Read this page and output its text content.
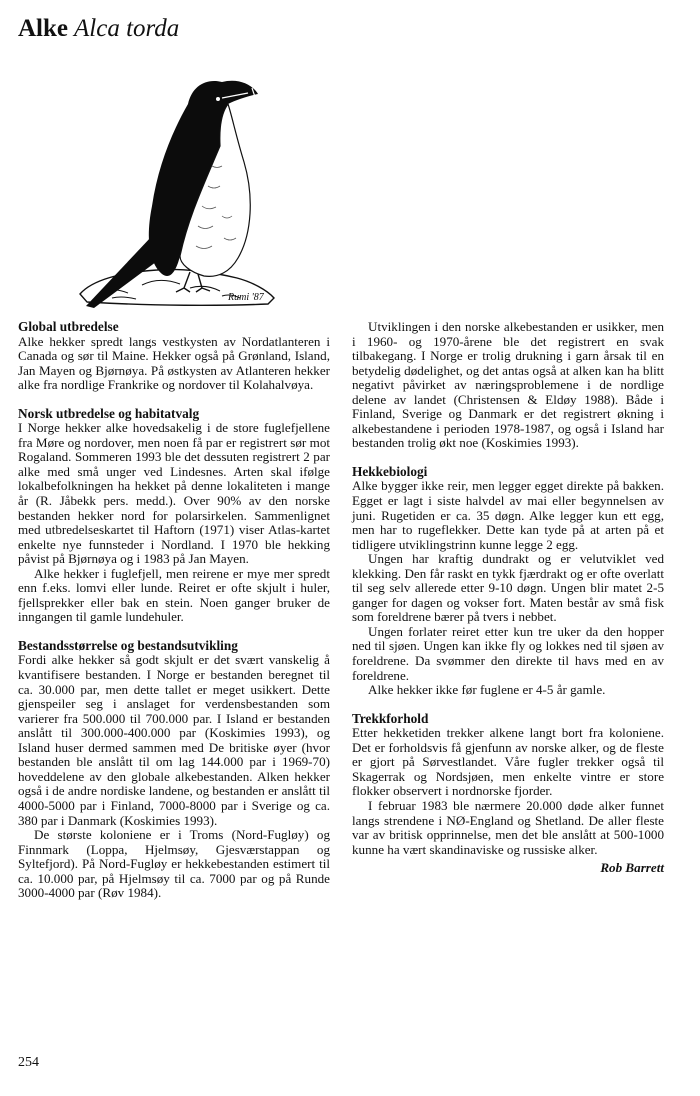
Alke Alca torda
Rumi '87
Global utbredelse

Alke hekker spredt langs vestkysten av Nordatlanteren i Canada og sør til Maine. Hekker også på Grønland, Island, Jan Mayen og Bjørnøya. På østkysten av Atlanteren hekker alke fra nordlige Frankrike og nordover til Kolahalvøya.

Norsk utbredelse og habitatvalg

I Norge hekker alke hovedsakelig i de store fuglefjellene fra Møre og nordover, men noen få par er registrert sør mot Rogaland. Sommeren 1993 ble det dessuten registrert 2 par alke med små unger ved Lindesnes. Arten skal ifølge lokalbefolkningen ha hekket på denne lokaliteten i mange år (R. Jåbekk pers. medd.). Over 90% av den norske bestanden hekker nord for polarsirkelen. Sammenlignet med utbredelseskartet til Haftorn (1971) viser Atlas-kartet enkelte nye funnsteder i Nordland. I 1970 ble hekking påvist på Bjørnøya og i 1983 på Jan Mayen.

Alke hekker i fuglefjell, men reirene er mye mer spredt enn f.eks. lomvi eller lunde. Reiret er ofte skjult i huler, fjellsprekker eller bak en stein. Noen ganger bruker de inngangen til gamle lundehuler.

Bestandsstørrelse og bestandsutvikling

Fordi alke hekker så godt skjult er det svært vanskelig å kvantifisere bestanden. I Norge er bestanden beregnet til ca. 30.000 par, men dette tallet er meget usikkert. Dette gjenspeiler seg i anslaget for verdensbestanden som varierer fra 500.000 til 700.000 par. I Island er bestanden anslått til 300.000-400.000 par (Koskimies 1993), og Island huser dermed sammen med De britiske øyer (hvor bestanden ble anslått til om lag 144.000 par i 1969-70) hoveddelene av den globale alkebestanden. Alken hekker også i de andre nordiske landene, og bestanden er anslått til 4000-5000 par i Finland, 7000-8000 par i Sverige og ca. 380 par i Danmark (Koskimies 1993).

De største koloniene er i Troms (Nord-Fugløy) og Finnmark (Loppa, Hjelmsøy, Gjesværstappan og Syltefjord). På Nord-Fugløy er hekkebestanden estimert til ca. 10.000 par, på Hjelmsøy til ca. 7000 par og på Runde 3000-4000 par (Røv 1984).

Utviklingen i den norske alkebestanden er usikker, men i 1960- og 1970-årene ble det registrert en svak tilbakegang. I Norge er trolig drukning i garn årsak til en betydelig dødelighet, og det antas også at alken kan ha blitt negativt påvirket av næringsproblemene i de nordlige delene av landet (Christensen & Eldøy 1988). Både i Finland, Sverige og Danmark er det registrert økning i alkebestandene i perioden 1978-1987, og også i Island har bestanden trolig økt noe (Koskimies 1993).

Hekkebiologi

Alke bygger ikke reir, men legger egget direkte på bakken. Egget er lagt i siste halvdel av mai eller begynnelsen av juni. Rugetiden er ca. 35 døgn. Alke legger kun ett egg, men har to rugeflekker. Dette kan tyde på at arten på et tidligere utviklingstrinn kunne legge 2 egg.

Ungen har kraftig dundrakt og er velutviklet ved klekking. Den får raskt en tykk fjærdrakt og er ofte overlatt til seg selv allerede etter 9-10 døgn. Ungen blir matet 2-5 ganger for dagen og vokser fort. Maten består av små fisk som foreldrene bærer på tvers i nebbet.

Ungen forlater reiret etter kun tre uker da den hopper ned til sjøen. Ungen kan ikke fly og lokkes ned til sjøen av foreldrene. Da svømmer den direkte til havs med en av foreldrene.

Alke hekker ikke før fuglene er 4-5 år gamle.

Trekkforhold

Etter hekketiden trekker alkene langt bort fra koloniene. Det er forholdsvis få gjenfunn av norske alker, og de fleste er gjort på Sørvestlandet. Våre fugler trekker også til Skagerrak og Nordsjøen, men enkelte vintre er store flokker observert i nordnorske fjorder.

I februar 1983 ble nærmere 20.000 døde alker funnet langs strendene i NØ-England og Shetland. De aller fleste var av britisk opprinnelse, men det ble anslått at 500-1000 kunne ha vært skandinaviske og russiske alker.

Rob Barrett
254
